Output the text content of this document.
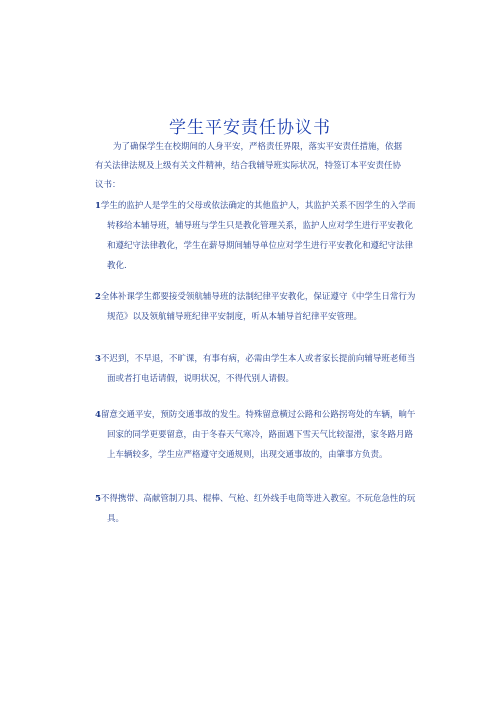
学生平安责任协议书
为了确保学生在校期间的人身平安，严格责任界限，落实平安责任措施，依据有关法律法规及上级有关文件精神，结合我辅导班实际状况，特签订本平安责任协议书：
1学生的监护人是学生的父母或依法确定的其他监护人，其监护关系不因学生的入学而转移给本辅导班，辅导班与学生只是教化管理关系，监护人应对学生进行平安教化和遵纪守法律教化，学生在薪导期间辅导单位应对学生进行平安教化和遵纪守法律教化.
2全体补课学生都要接受领航辅导班的法制纪律平安教化，保证遵守《中学生日常行为规范》以及领航辅导班纪律平安制度，听从本辅导首纪律平安管理。
3不迟到，不早退，不旷课，有事有病，必需由学生本人或者家长提前向辅导班老师当面或者打电话请假，说明状况，不得代别人请假。
4留意交通平安，预防交通事故的发生。特殊留意横过公路和公路拐弯处的车辆，晌午回家的同学更要留意，由于冬春天气寒冷，路面遇下雪天气比较湿滑，家冬路月路上车辆较多，学生应严格遵守交通规则，出现交通事故的，由肇事方负责。
5不得携带、高献管制刀具、棍棒、气枪、红外线手电筒等进入教室。不玩危急性的玩具。
